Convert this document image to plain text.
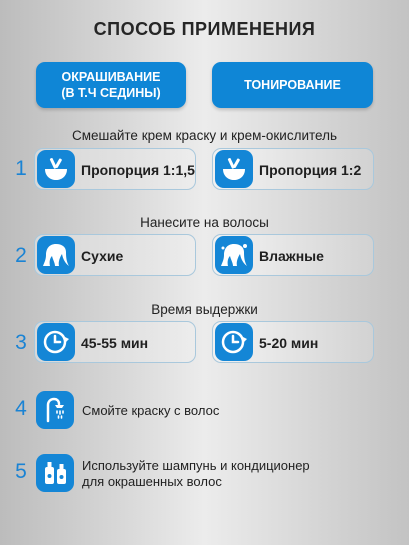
СПОСОБ ПРИМЕНЕНИЯ
ОКРАШИВАНИЕ
(В Т.Ч СЕДИНЫ)
ТОНИРОВАНИЕ
Смешайте крем краску и крем-окислитель
1	Пропорция 1:1,5	Пропорция 1:2
Нанесите на волосы
2	Сухие	Влажные
Время выдержки
3	45-55 мин	5-20 мин
4	Смойте краску с волос
5	Используйте шампунь и кондиционер
для окрашенных волос
